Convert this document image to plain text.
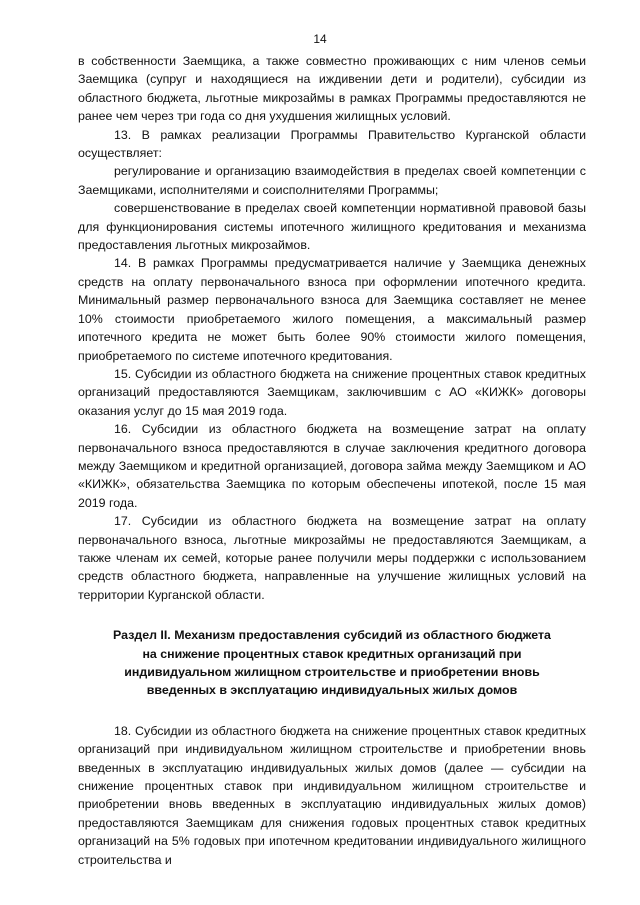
14

в собственности Заемщика, а также совместно проживающих с ним членов семьи Заемщика (супруг и находящиеся на иждивении дети и родители), субсидии из областного бюджета, льготные микрозаймы в рамках Программы предоставляются не ранее чем через три года со дня ухудшения жилищных условий.

13. В рамках реализации Программы Правительство Курганской области осуществляет:

регулирование и организацию взаимодействия в пределах своей компетенции с Заемщиками, исполнителями и соисполнителями Программы;

совершенствование в пределах своей компетенции нормативной правовой базы для функционирования системы ипотечного жилищного кредитования и механизма предоставления льготных микрозаймов.

14. В рамках Программы предусматривается наличие у Заемщика денежных средств на оплату первоначального взноса при оформлении ипотечного кредита. Минимальный размер первоначального взноса для Заемщика составляет не менее 10% стоимости приобретаемого жилого помещения, а максимальный размер ипотечного кредита не может быть более 90% стоимости жилого помещения, приобретаемого по системе ипотечного кредитования.

15. Субсидии из областного бюджета на снижение процентных ставок кредитных организаций предоставляются Заемщикам, заключившим с АО «КИЖК» договоры оказания услуг до 15 мая 2019 года.

16. Субсидии из областного бюджета на возмещение затрат на оплату первоначального взноса предоставляются в случае заключения кредитного договора между Заемщиком и кредитной организацией, договора займа между Заемщиком и АО «КИЖК», обязательства Заемщика по которым обеспечены ипотекой, после 15 мая 2019 года.

17. Субсидии из областного бюджета на возмещение затрат на оплату первоначального взноса, льготные микрозаймы не предоставляются Заемщикам, а также членам их семей, которые ранее получили меры поддержки с использованием средств областного бюджета, направленные на улучшение жилищных условий на территории Курганской области.

Раздел II. Механизм предоставления субсидий из областного бюджета
на снижение процентных ставок кредитных организаций при
индивидуальном жилищном строительстве и приобретении вновь
введенных в эксплуатацию индивидуальных жилых домов

18. Субсидии из областного бюджета на снижение процентных ставок кредитных организаций при индивидуальном жилищном строительстве и приобретении вновь введенных в эксплуатацию индивидуальных жилых домов (далее — субсидии на снижение процентных ставок при индивидуальном жилищном строительстве и приобретении вновь введенных в эксплуатацию индивидуальных жилых домов) предоставляются Заемщикам для снижения годовых процентных ставок кредитных организаций на 5% годовых при ипотечном кредитовании индивидуального жилищного строительства и
